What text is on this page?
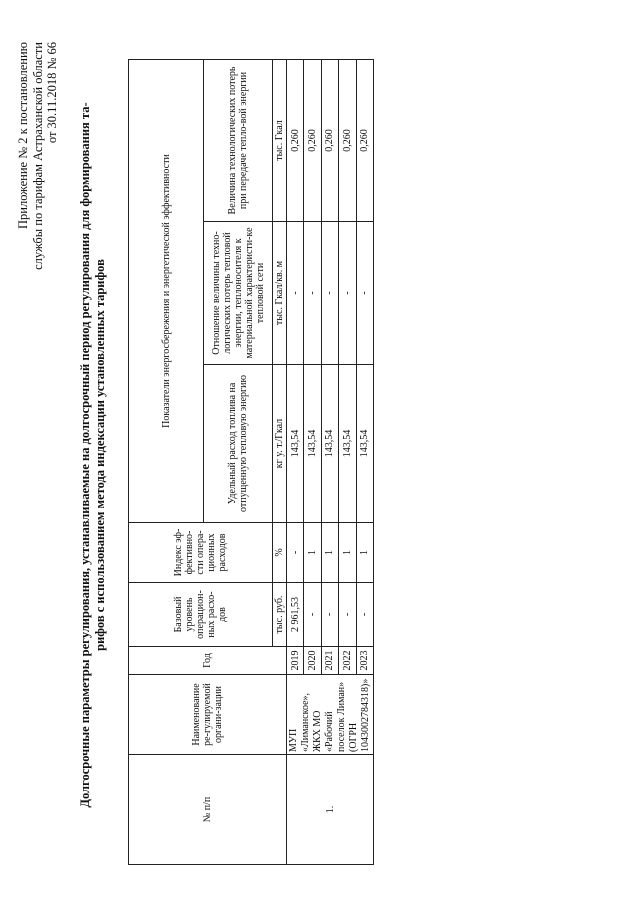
Приложение № 2 к постановлению службы по тарифам Астраханской области от 30.11.2018 № 66
Долгосрочные параметры регулирования, устанавливаемые на долгосрочный период регулирования для формирования та- рифов с использованием метода индексации установленных тарифов
№ п/п	Наименование ре-гулируемой органи-зации	Год	Базовый уровень операцион-ных расхо-дов	Индекс эф-фективно-сти опера-ционных расходов	Показатели энергосбережения и энергетической эффективности		
					Удельный расход топлива на отпущенную тепловую энергию	Отношение величины техно-логических потерь тепловой энергии, теплоносителя к материальной характеристи-ке тепловой сети	Величина технологических потерь при передаче тепло-вой энергии
			тыс. руб.	%	кг у. т./Гкал	тыс. Гкал/кв. м	тыс. Гкал
1.	МУП «Лиманское», ЖКХ МО «Рабочий поселок Лиман» (ОГРН 1043002784318)»	2019	2 961,53	-	143,54	-	0,260
		2020	-	1	143,54	-	0,260
		2021	-	1	143,54	-	0,260
		2022	-	1	143,54	-	0,260
		2023	-	1	143,54	-	0,260
